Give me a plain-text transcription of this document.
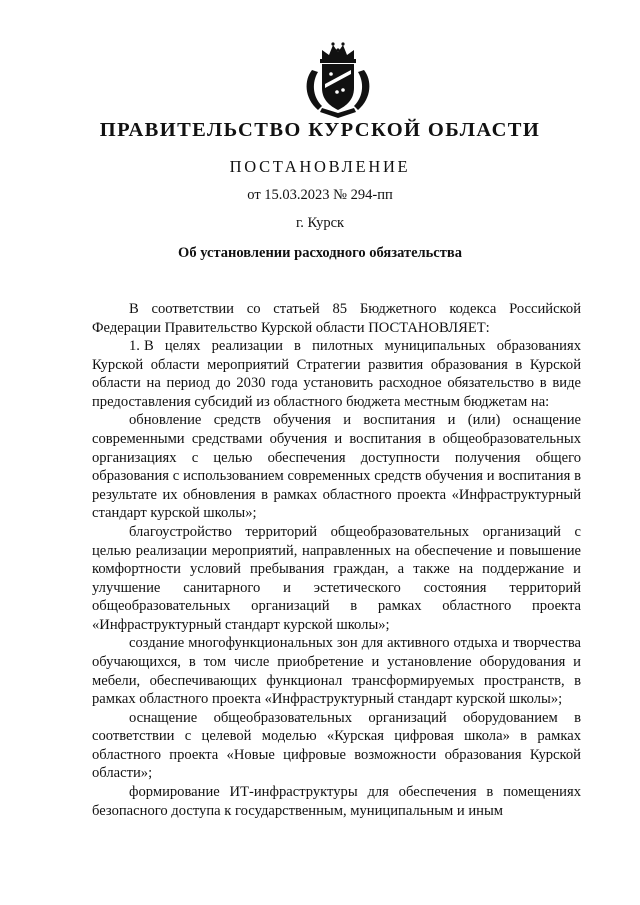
ПРАВИТЕЛЬСТВО КУРСКОЙ ОБЛАСТИ
ПОСТАНОВЛЕНИЕ
от 15.03.2023 № 294-пп
г. Курск
Об установлении расходного обязательства

В соответствии со статьей 85 Бюджетного кодекса Российской Федерации Правительство Курской области ПОСТАНОВЛЯЕТ:

1. В целях реализации в пилотных муниципальных образованиях Курской области мероприятий Стратегии развития образования в Курской области на период до 2030 года установить расходное обязательство в виде предоставления субсидий из областного бюджета местным бюджетам на:

обновление средств обучения и воспитания и (или) оснащение современными средствами обучения и воспитания в общеобразовательных организациях с целью обеспечения доступности получения общего образования с использованием современных средств обучения и воспитания в результате их обновления в рамках областного проекта «Инфраструктурный стандарт курской школы»;

благоустройство территорий общеобразовательных организаций с целью реализации мероприятий, направленных на обеспечение и повышение комфортности условий пребывания граждан, а также на поддержание и улучшение санитарного и эстетического состояния территорий общеобразовательных организаций в рамках областного проекта «Инфраструктурный стандарт курской школы»;

создание многофункциональных зон для активного отдыха и творчества обучающихся, в том числе приобретение и установление оборудования и мебели, обеспечивающих функционал трансформируемых пространств, в рамках областного проекта «Инфраструктурный стандарт курской школы»;

оснащение общеобразовательных организаций оборудованием в соответствии с целевой моделью «Курская цифровая школа» в рамках областного проекта «Новые цифровые возможности образования Курской области»;

формирование ИТ-инфраструктуры для обеспечения в помещениях безопасного доступа к государственным, муниципальным и иным
